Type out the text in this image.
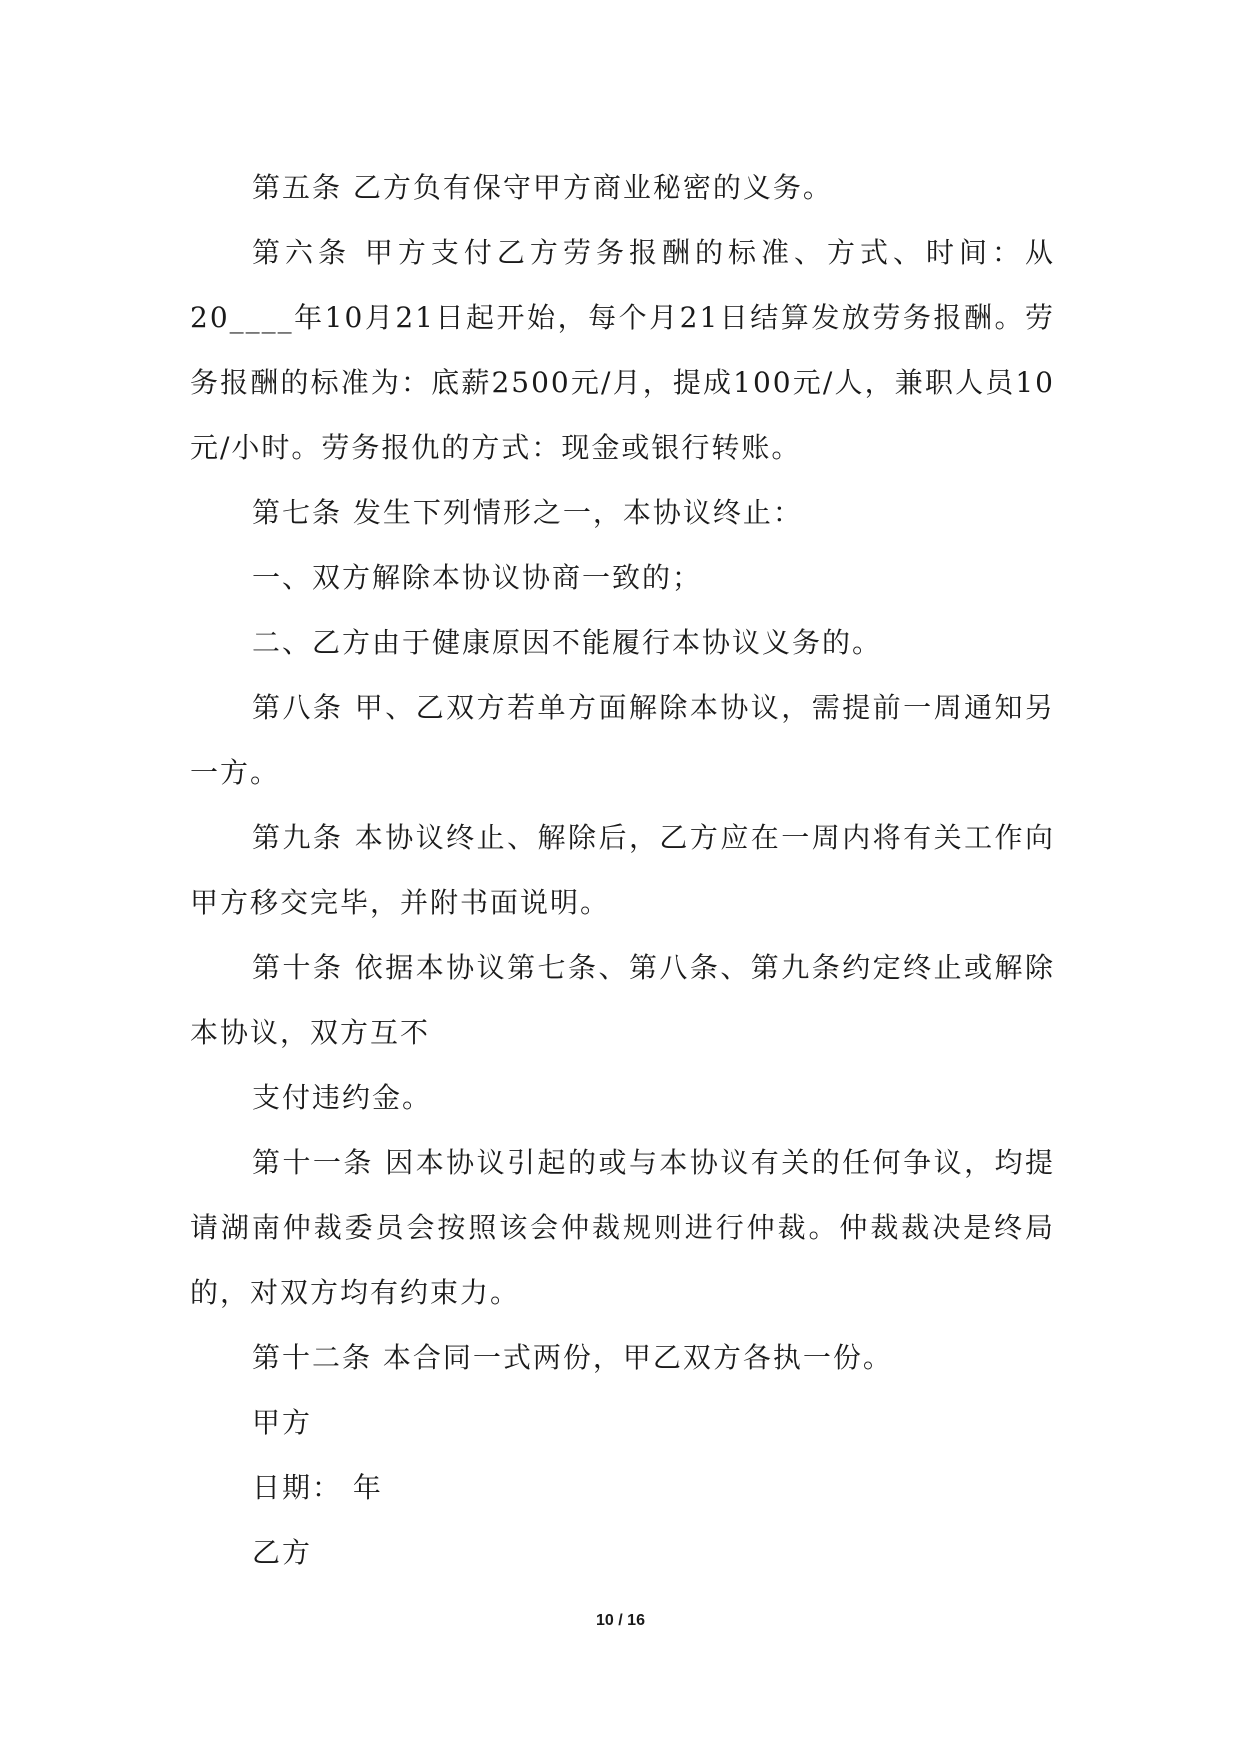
第五条 乙方负有保守甲方商业秘密的义务。

第六条 甲方支付乙方劳务报酬的标准、方式、时间：从20____年10月21日起开始，每个月21日结算发放劳务报酬。劳务报酬的标准为：底薪2500元/月，提成100元/人，兼职人员10元/小时。劳务报仇的方式：现金或银行转账。

第七条 发生下列情形之一，本协议终止：

一、双方解除本协议协商一致的；

二、乙方由于健康原因不能履行本协议义务的。

第八条 甲、乙双方若单方面解除本协议，需提前一周通知另一方。

第九条 本协议终止、解除后，乙方应在一周内将有关工作向甲方移交完毕，并附书面说明。

第十条 依据本协议第七条、第八条、第九条约定终止或解除本协议，双方互不

支付违约金。

第十一条 因本协议引起的或与本协议有关的任何争议，均提请湖南仲裁委员会按照该会仲裁规则进行仲裁。仲裁裁决是终局的，对双方均有约束力。

第十二条 本合同一式两份，甲乙双方各执一份。

甲方

日期： 年

乙方

10 / 16
